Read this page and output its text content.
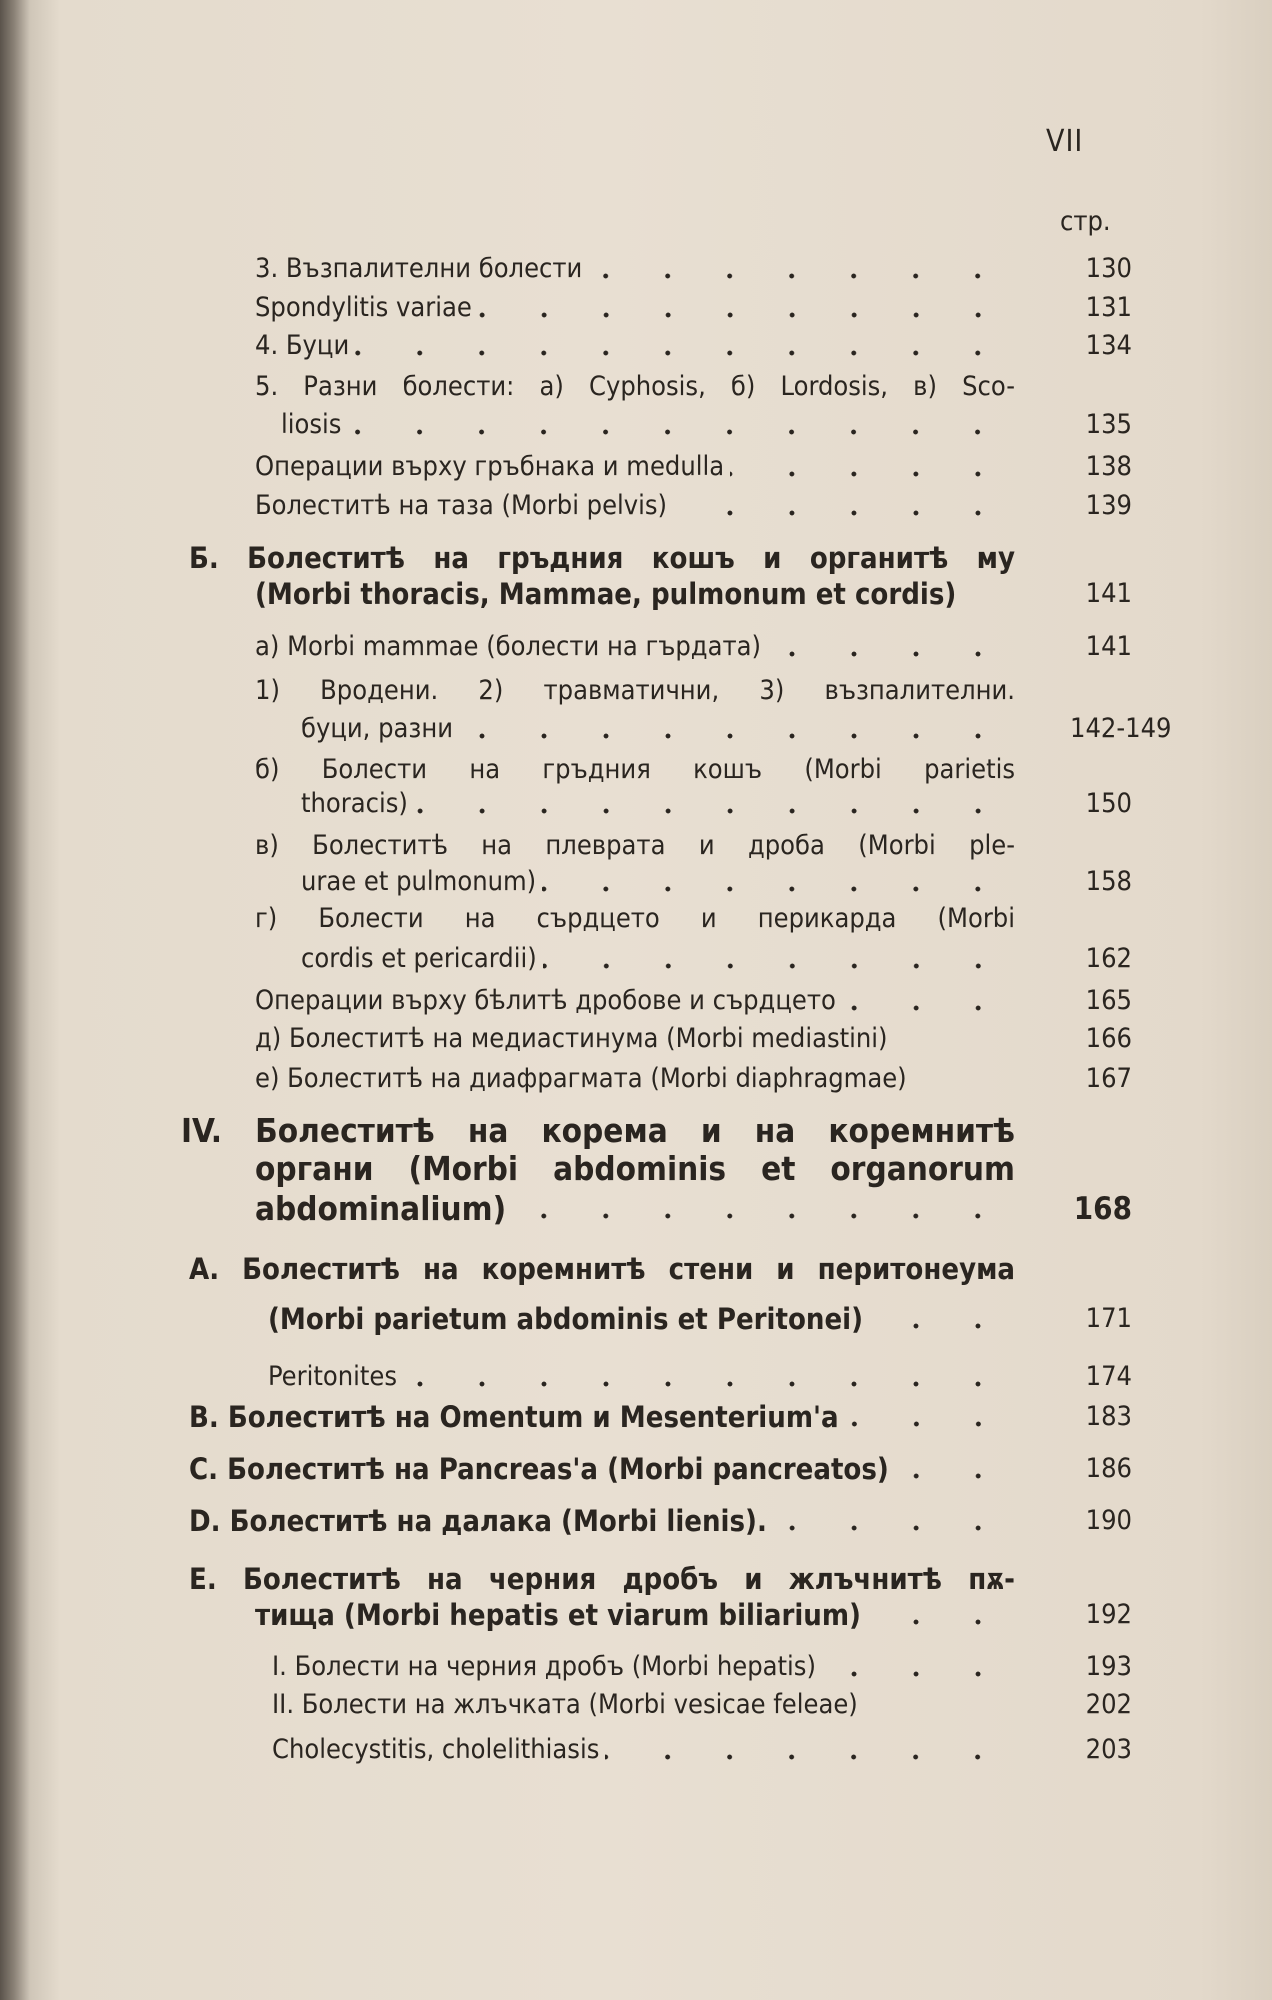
VII
стр.
3. Възпалителни болести	130
Spondylitis variae	131
4. Буци	134
5. Разни болести: а) Cyphosis, б) Lordosis, в) Sco-
liosis	135
Операции върху гръбнака и medulla	138
Болеститѣ на таза (Morbi pelvis)	139
Б. Болеститѣ на гръдния кошъ и органитѣ му
(Morbi thoracis, Mammae, pulmonum et cordis)	141
а) Morbi mammae (болести на гърдата)	141
1) Вродени. 2) травматични, 3) възпалителни.
буци, разни	142-149
б) Болести на гръдния кошъ (Morbi parietis
thoracis)	150
в) Болеститѣ на плеврата и дроба (Morbi ple-
urae et pulmonum)	158
г) Болести на сърдцето и перикарда (Morbi
cordis et pericardii)	162
Операции върху бѣлитѣ дробове и сърдцето	165
д) Болеститѣ на медиастинума (Morbi mediastini)	166
е) Болеститѣ на диафрагмата (Morbi diaphragmae)	167
IV. Болеститѣ на корема и на коремнитѣ
органи (Morbi abdominis et organorum
abdominalium)	168
А. Болеститѣ на коремнитѣ стени и перитонеума
(Morbi parietum abdominis et Peritonei)	171
Peritonites	174
В. Болеститѣ на Omentum и Mesenterium'a	183
С. Болеститѣ на Pancreas'a (Morbi pancreatos)	186
D. Болеститѣ на далака (Morbi lienis).	190
Е. Болеститѣ на черния дробъ и жлъчнитѣ пѫ-
тища (Morbi hepatis et viarum biliarium)	192
I. Болести на черния дробъ (Morbi hepatis)	193
II. Болести на жлъчката (Morbi vesicae feleae)	202
Cholecystitis, cholelithiasis	203
